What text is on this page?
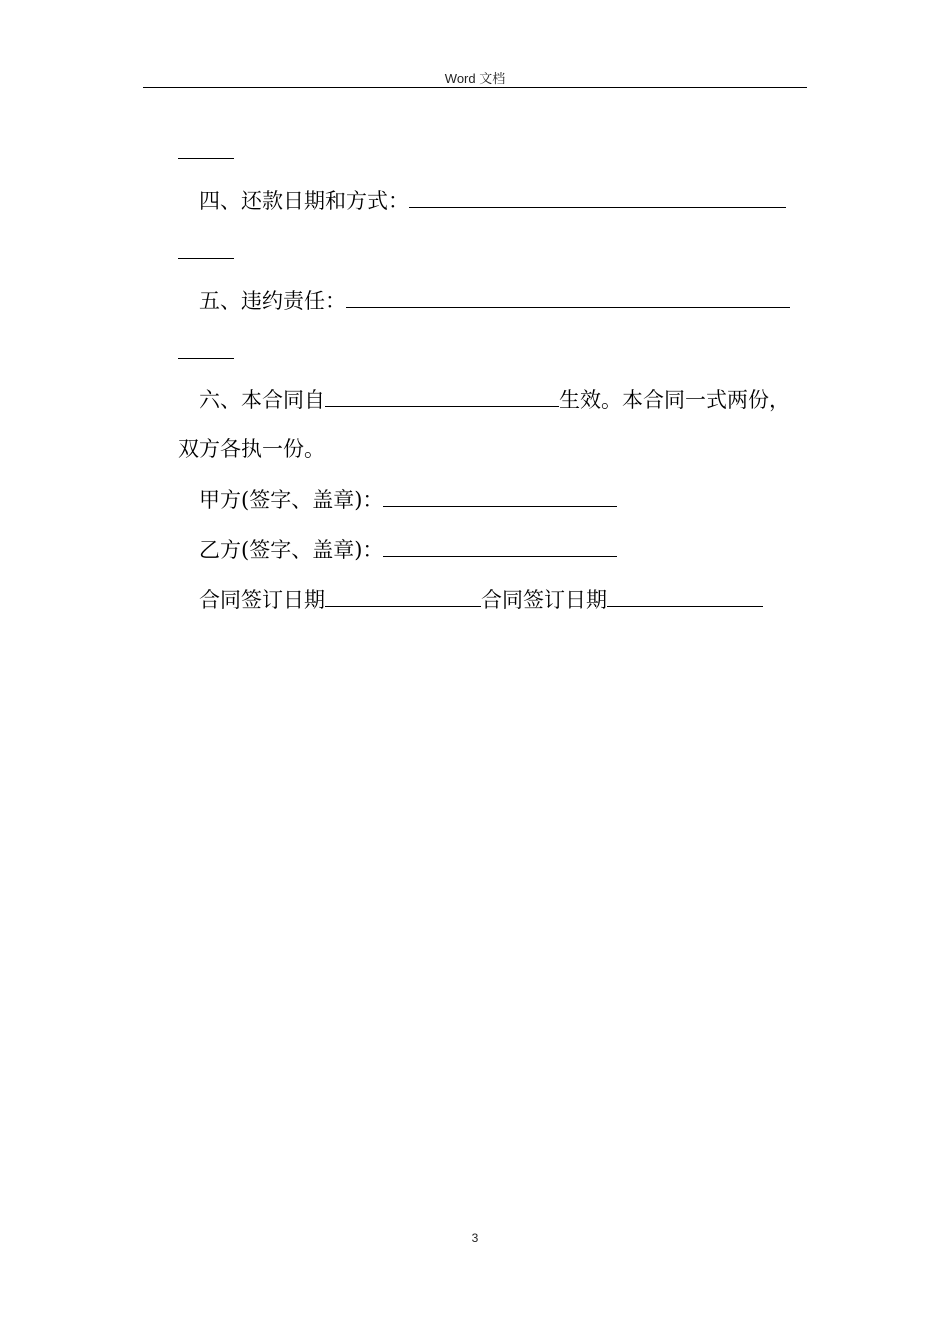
Word 文档
四、还款日期和方式：
五、违约责任：
六、本合同自	生效。本合同一式两份，
双方各执一份。
甲方(签字、盖章)：
乙方(签字、盖章)：
合同签订日期	合同签订日期
3
